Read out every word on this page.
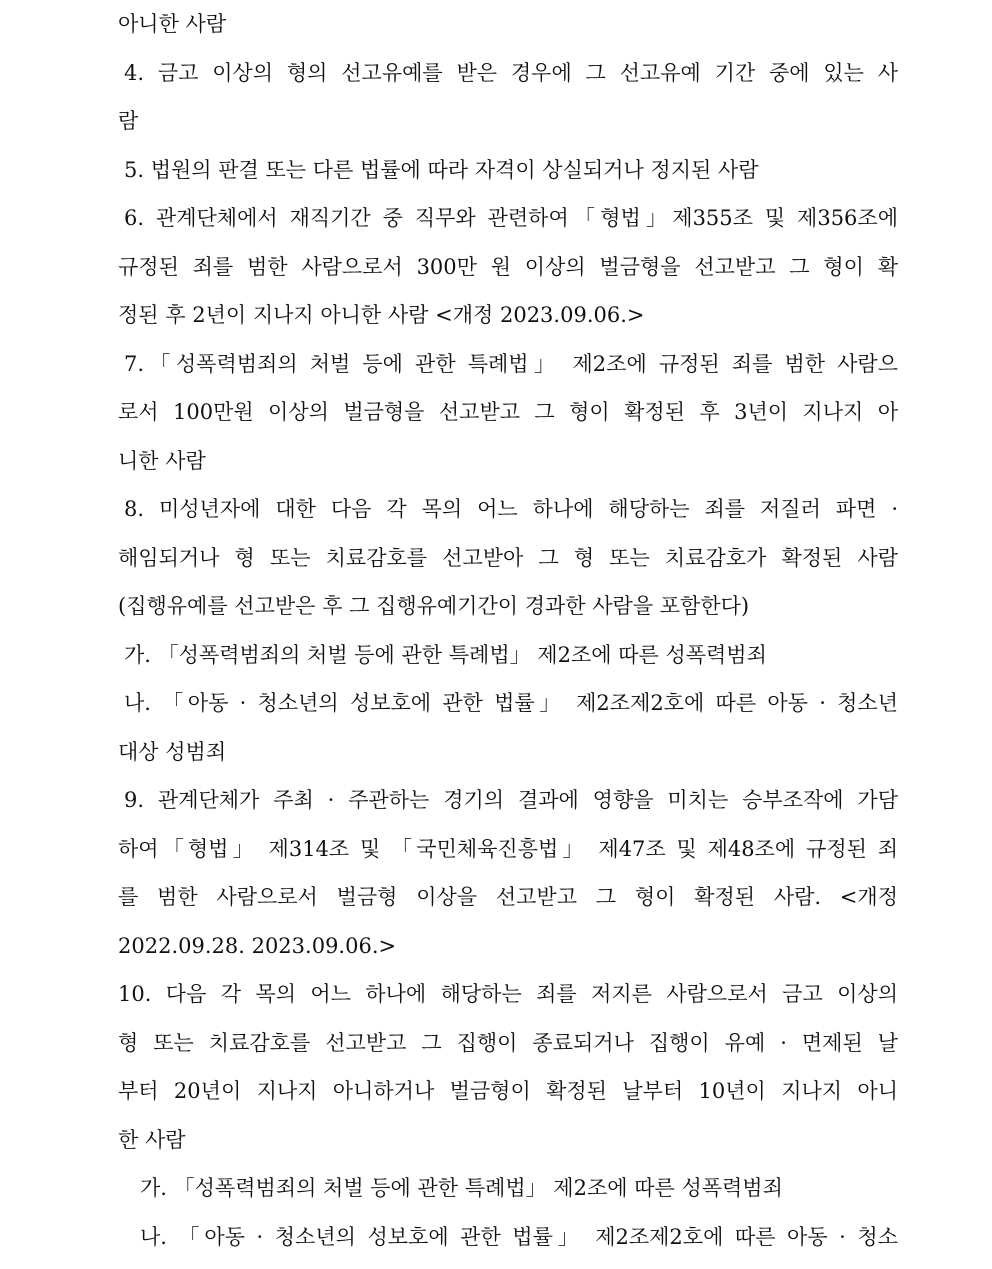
아니한 사람
4. 금고 이상의 형의 선고유예를 받은 경우에 그 선고유예 기간 중에 있는 사
람
5. 법원의 판결 또는 다른 법률에 따라 자격이 상실되거나 정지된 사람
6. 관계단체에서 재직기간 중 직무와 관련하여「형법」제355조 및 제356조에
규정된 죄를 범한 사람으로서 300만 원 이상의 벌금형을 선고받고 그 형이 확
정된 후 2년이 지나지 아니한 사람 <개정 2023.09.06.>
7.「성폭력범죄의 처벌 등에 관한 특례법」 제2조에 규정된 죄를 범한 사람으
로서 100만원 이상의 벌금형을 선고받고 그 형이 확정된 후 3년이 지나지 아
니한 사람
8. 미성년자에 대한 다음 각 목의 어느 하나에 해당하는 죄를 저질러 파면 ·
해임되거나 형 또는 치료감호를 선고받아 그 형 또는 치료감호가 확정된 사람
(집행유예를 선고받은 후 그 집행유예기간이 경과한 사람을 포함한다)
가. 「성폭력범죄의 처벌 등에 관한 특례법」 제2조에 따른 성폭력범죄
나. 「아동 · 청소년의 성보호에 관한 법률」 제2조제2호에 따른 아동 · 청소년
대상 성범죄
9. 관계단체가 주최 · 주관하는 경기의 결과에 영향을 미치는 승부조작에 가담
하여「형법」 제314조 및 「국민체육진흥법」 제47조 및 제48조에 규정된 죄
를 범한 사람으로서 벌금형 이상을 선고받고 그 형이 확정된 사람. <개정
2022.09.28. 2023.09.06.>
10. 다음 각 목의 어느 하나에 해당하는 죄를 저지른 사람으로서 금고 이상의
형 또는 치료감호를 선고받고 그 집행이 종료되거나 집행이 유예 · 면제된 날
부터 20년이 지나지 아니하거나 벌금형이 확정된 날부터 10년이 지나지 아니
한 사람
가. 「성폭력범죄의 처벌 등에 관한 특례법」 제2조에 따른 성폭력범죄
나. 「아동 · 청소년의 성보호에 관한 법률」 제2조제2호에 따른 아동 · 청소
